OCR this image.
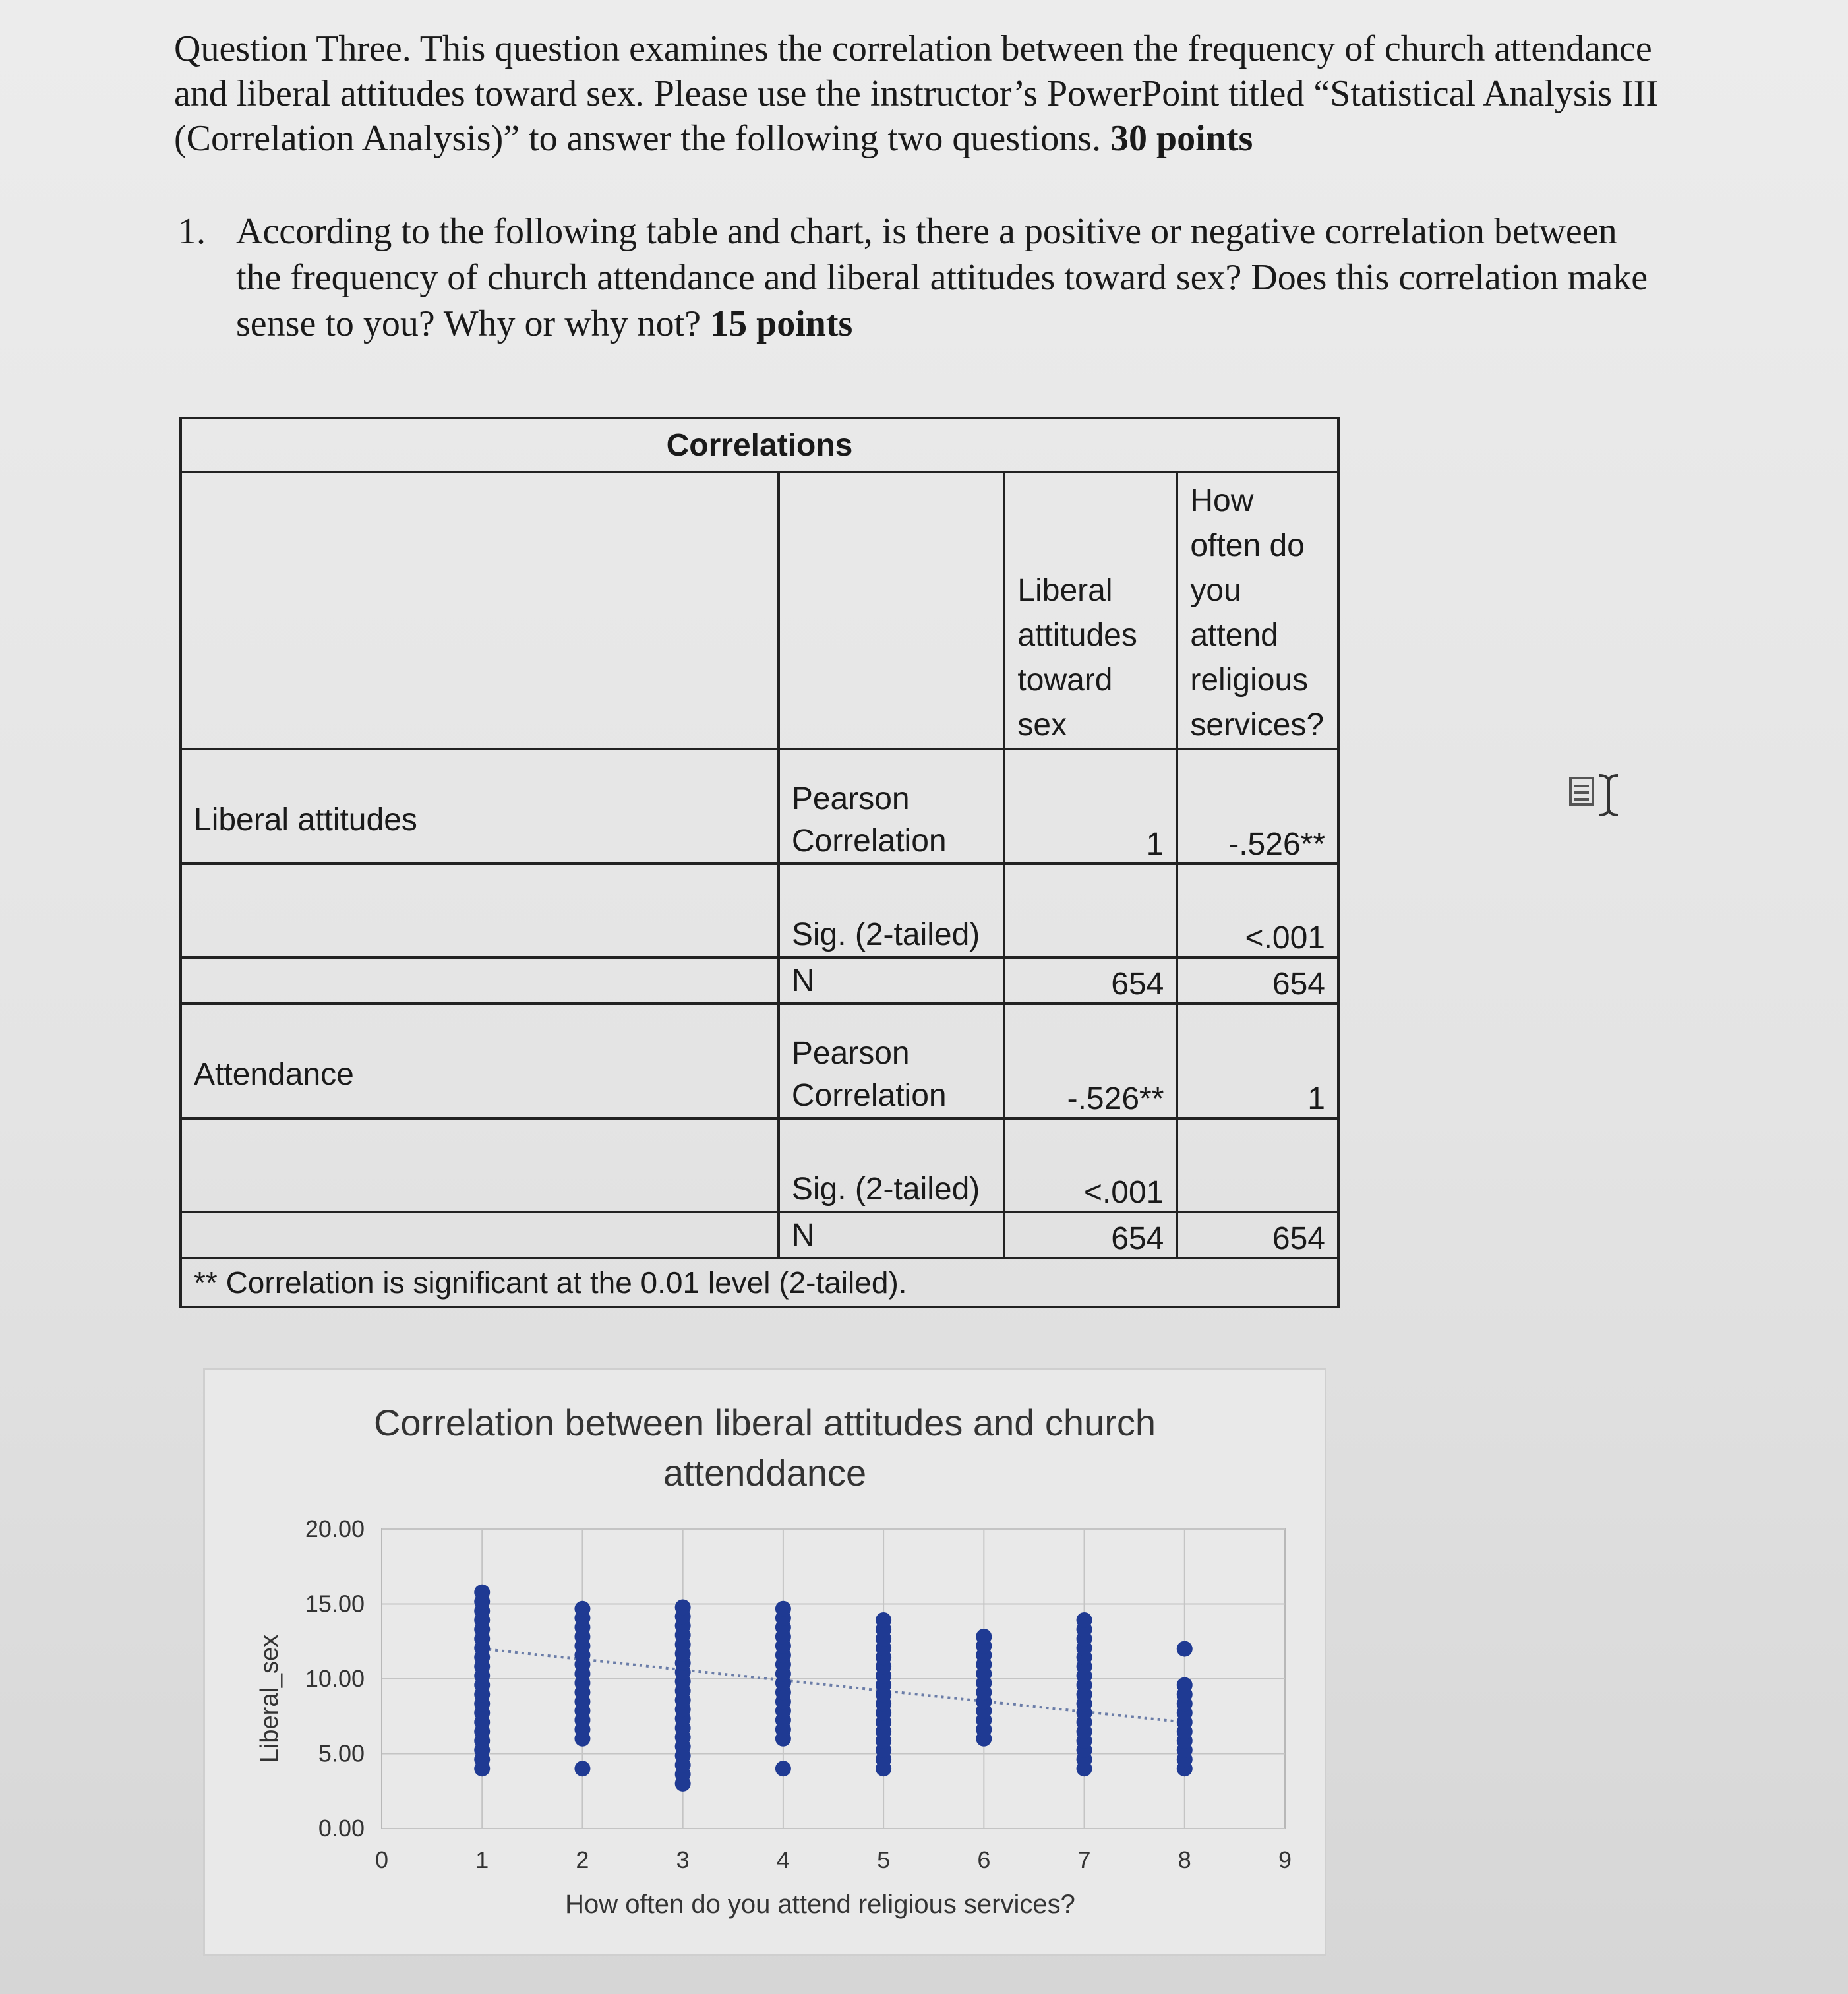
Question Three. This question examines the correlation between the frequency of church attendance and liberal attitudes toward sex. Please use the instructor’s PowerPoint titled “Statistical Analysis III (Correlation Analysis)” to answer the following two questions. 30 points
1. According to the following table and chart, is there a positive or negative correlation between the frequency of church attendance and liberal attitudes toward sex? Does this correlation make sense to you? Why or why not? 15 points
Correlations			
		Liberal attitudes toward sex	How often do you attend religious services?
Liberal attitudes	Pearson Correlation	1	-.526**
	Sig. (2-tailed)		<.001
	N	654	654
Attendance	Pearson Correlation	-.526**	1
	Sig. (2-tailed)	<.001	
	N	654	654
** Correlation is significant at the 0.01 level (2-tailed).			
Correlation between liberal attitudes and church
attenddance
0.00
5.00
10.00
15.00
20.00
0	1	2	3	4	5	6	7	8	9
How often do you attend religious services?
Liberal_sex
